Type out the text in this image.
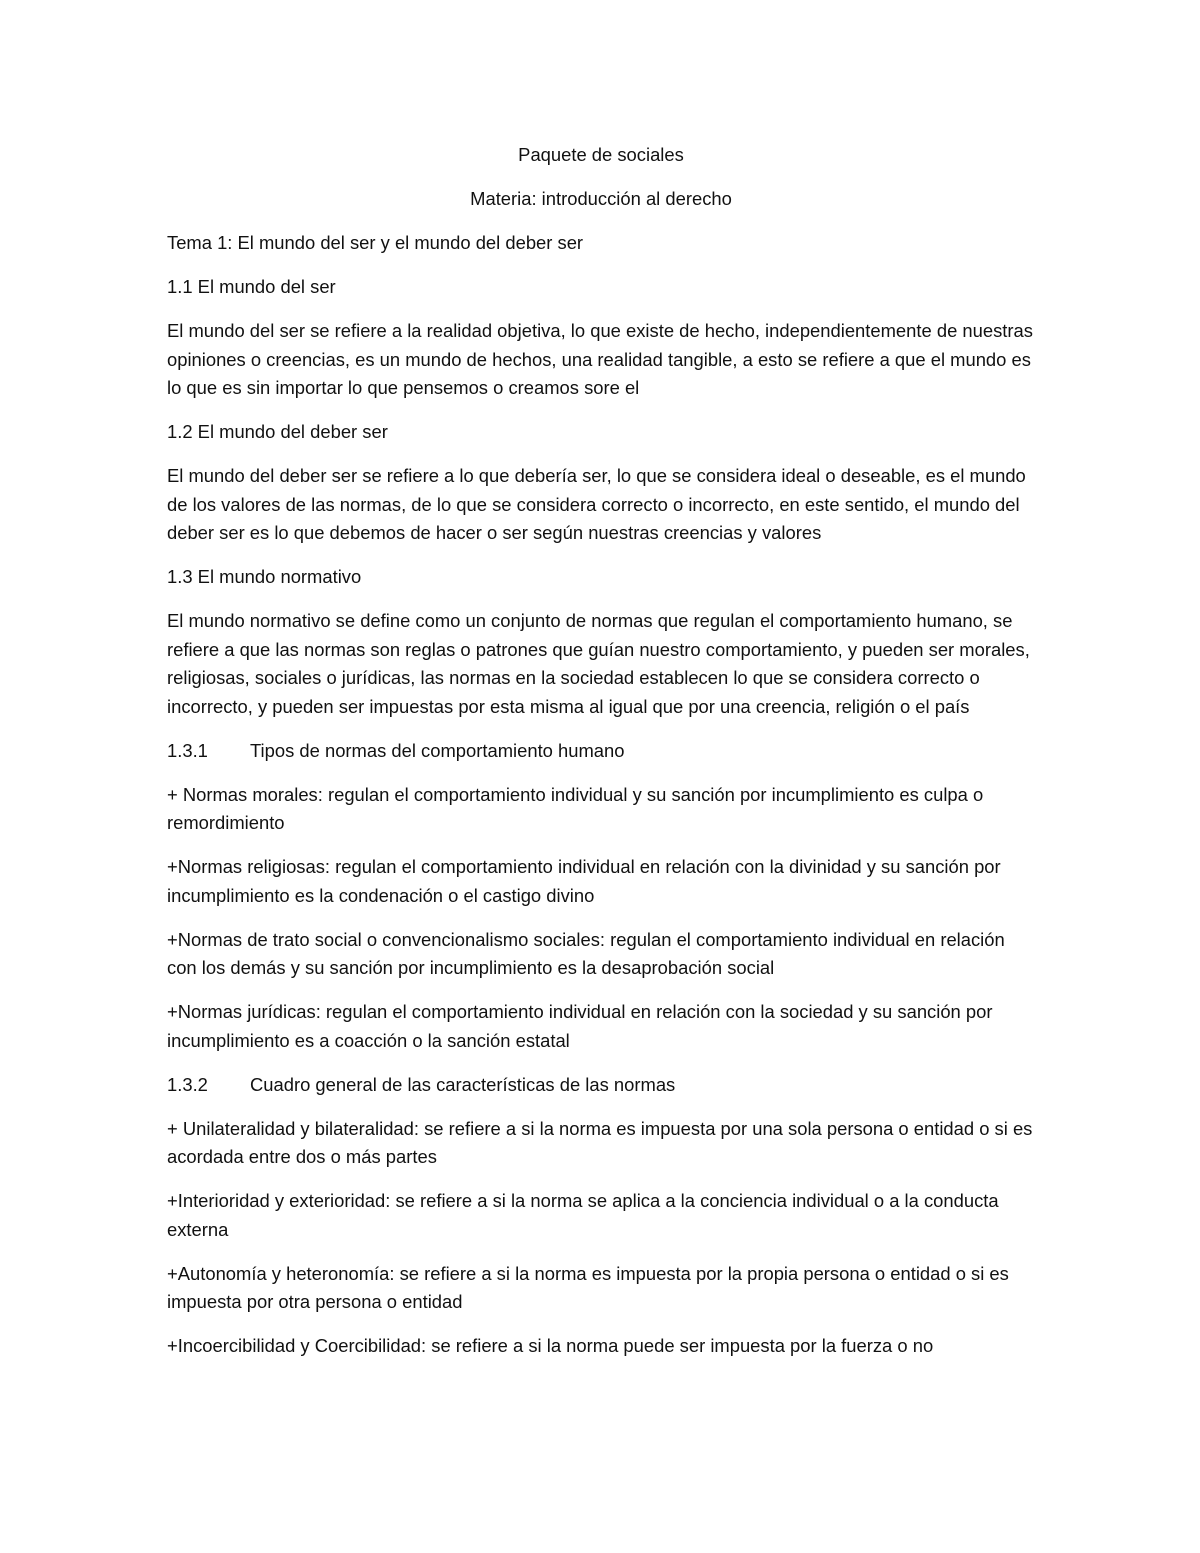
Paquete de sociales

Materia: introducción al derecho

Tema 1: El mundo del ser y el mundo del deber ser

1.1 El mundo del ser

El mundo del ser se refiere a la realidad objetiva, lo que existe de hecho, independientemente de nuestras opiniones o creencias, es un mundo de hechos, una realidad tangible, a esto se refiere a que el mundo es lo que es sin importar lo que pensemos o creamos sore el

1.2 El mundo del deber ser

El mundo del deber ser se refiere a lo que debería ser, lo que se considera ideal o deseable, es el mundo de los valores de las normas, de lo que se considera correcto o incorrecto, en este sentido, el mundo del deber ser es lo que debemos de hacer o ser según nuestras creencias y valores

1.3 El mundo normativo

El mundo normativo se define como un conjunto de normas que regulan el comportamiento humano, se refiere a que las normas son reglas o patrones que guían nuestro comportamiento, y pueden ser morales, religiosas, sociales o jurídicas, las normas en la sociedad establecen lo que se considera correcto o incorrecto, y pueden ser impuestas por esta misma al igual que por una creencia, religión o el país

1.3.1 Tipos de normas del comportamiento humano

+ Normas morales: regulan el comportamiento individual y su sanción por incumplimiento es culpa o remordimiento

+Normas religiosas: regulan el comportamiento individual en relación con la divinidad y su sanción por incumplimiento es la condenación o el castigo divino

+Normas de trato social o convencionalismo sociales: regulan el comportamiento individual en relación con los demás y su sanción por incumplimiento es la desaprobación social

+Normas jurídicas: regulan el comportamiento individual en relación con la sociedad y su sanción por incumplimiento es a coacción o la sanción estatal

1.3.2 Cuadro general de las características de las normas

+ Unilateralidad y bilateralidad: se refiere a si la norma es impuesta por una sola persona o entidad o si es acordada entre dos o más partes

+Interioridad y exterioridad: se refiere a si la norma se aplica a la conciencia individual o a la conducta externa

+Autonomía y heteronomía: se refiere a si la norma es impuesta por la propia persona o entidad o si es impuesta por otra persona o entidad

+Incoercibilidad y Coercibilidad: se refiere a si la norma puede ser impuesta por la fuerza o no
